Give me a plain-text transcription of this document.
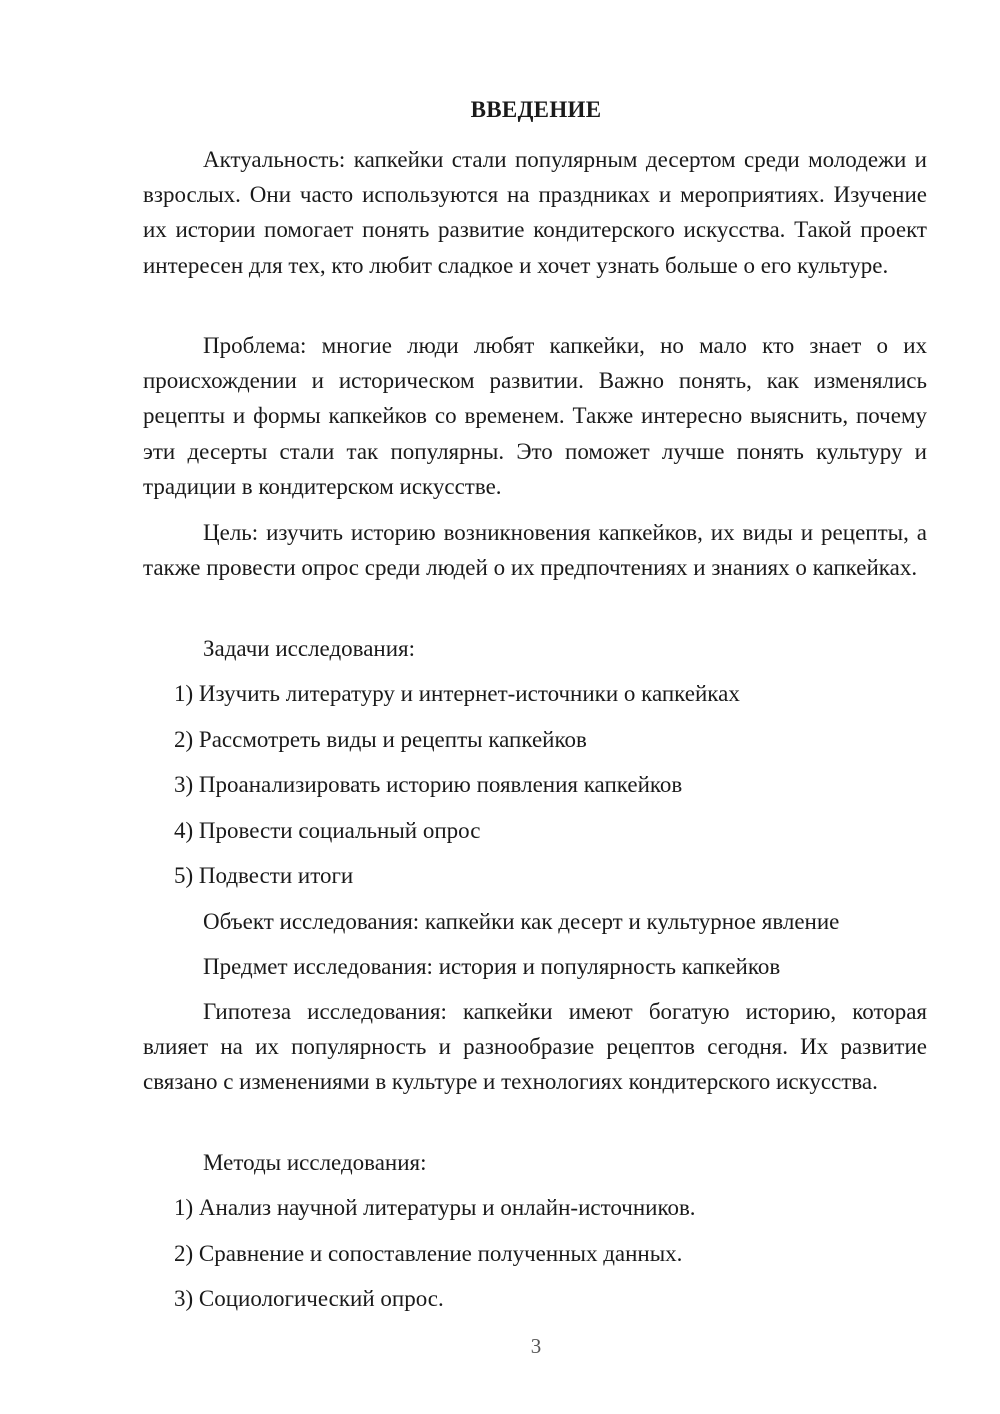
ВВЕДЕНИЕ

Актуальность: капкейки стали популярным десертом среди молодежи и взрослых. Они часто используются на праздниках и мероприятиях. Изучение их истории помогает понять развитие кондитерского искусства. Такой проект интересен для тех, кто любит сладкое и хочет узнать больше о его культуре.

Проблема: многие люди любят капкейки, но мало кто знает о их происхождении и историческом развитии. Важно понять, как изменялись рецепты и формы капкейков со временем. Также интересно выяснить, почему эти десерты стали так популярны. Это поможет лучше понять культуру и традиции в кондитерском искусстве.

Цель: изучить историю возникновения капкейков, их виды и рецепты, а также провести опрос среди людей о их предпочтениях и знаниях о капкейках.

Задачи исследования:

1) Изучить литературу и интернет-источники о капкейках

2) Рассмотреть виды и рецепты капкейков

3) Проанализировать историю появления капкейков

4) Провести социальный опрос

5) Подвести итоги

Объект исследования: капкейки как десерт и культурное явление

Предмет исследования: история и популярность капкейков

Гипотеза исследования: капкейки имеют богатую историю, которая влияет на их популярность и разнообразие рецептов сегодня. Их развитие связано с изменениями в культуре и технологиях кондитерского искусства.

Методы исследования:

1) Анализ научной литературы и онлайн-источников.

2) Сравнение и сопоставление полученных данных.

3) Социологический опрос.

3
